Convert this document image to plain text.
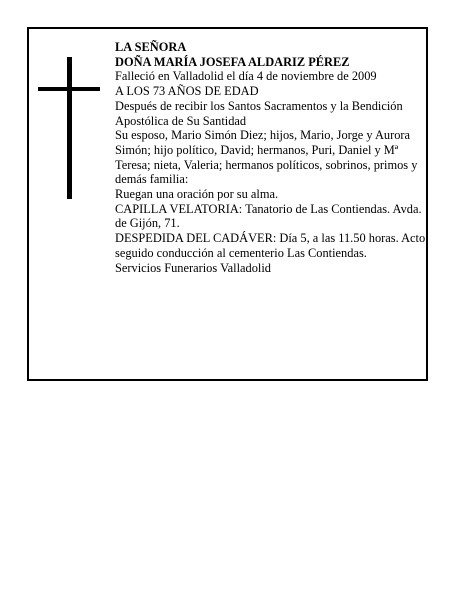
LA SEÑORA

DOÑA MARÍA JOSEFA ALDARIZ PÉREZ

Falleció en Valladolid el día 4 de noviembre de 2009

A LOS 73 AÑOS DE EDAD

Después de recibir los Santos Sacramentos y la Bendición Apostólica de Su Santidad

Su esposo, Mario Simón Diez; hijos, Mario, Jorge y Aurora Simón; hijo político, David; hermanos, Puri, Daniel y Mª Teresa; nieta, Valeria; hermanos políticos, sobrinos, primos y demás familia:

Ruegan una oración por su alma.

CAPILLA VELATORIA: Tanatorio de Las Contiendas. Avda. de Gijón, 71.

DESPEDIDA DEL CADÁVER: Día 5, a las 11.50 horas. Acto seguido conducción al cementerio Las Contiendas.

Servicios Funerarios Valladolid
